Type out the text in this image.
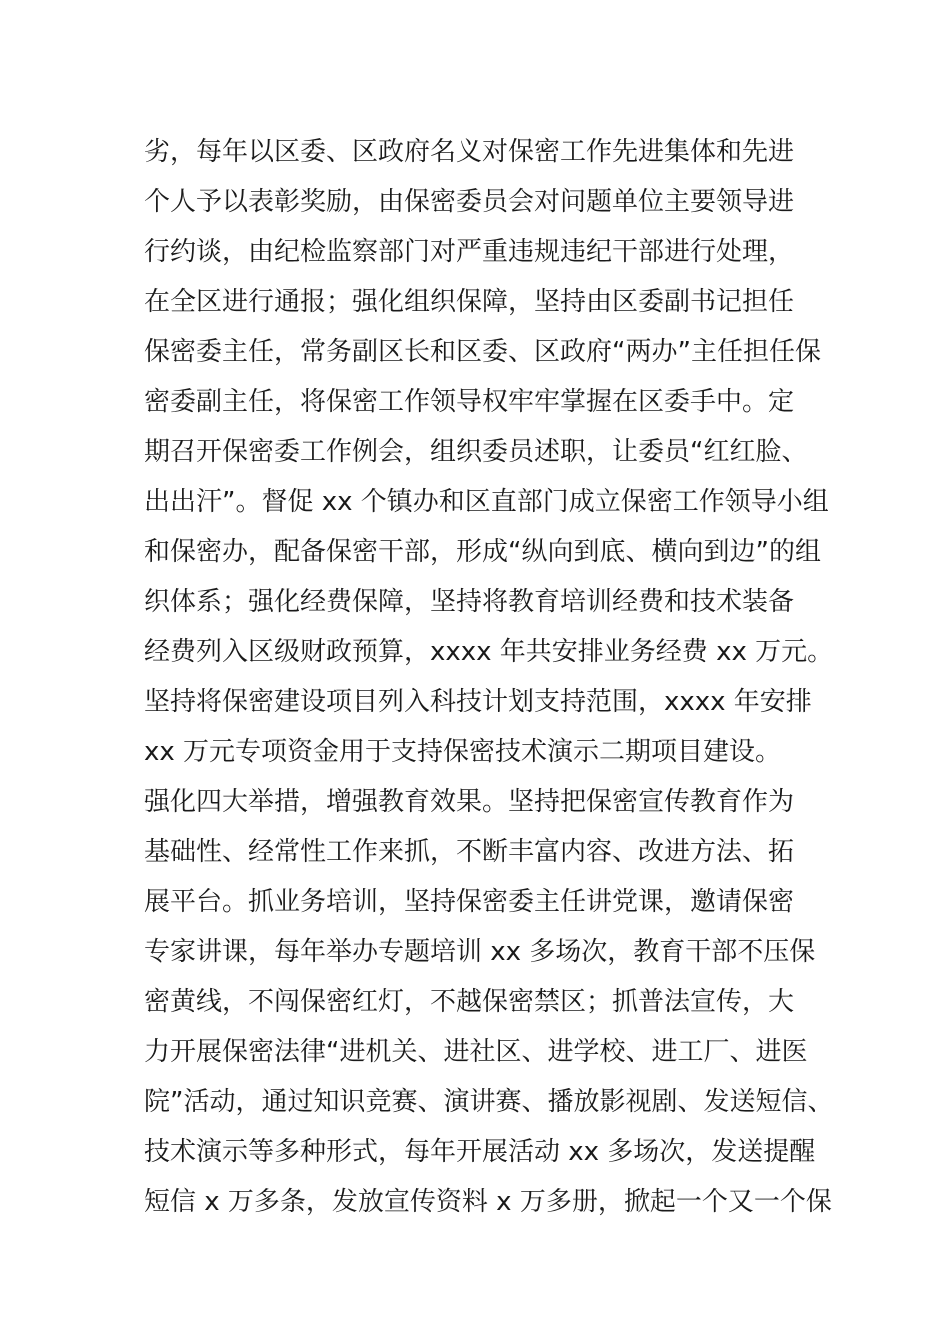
劣，每年以区委、区政府名义对保密工作先进集体和先进
个人予以表彰奖励，由保密委员会对问题单位主要领导进
行约谈，由纪检监察部门对严重违规违纪干部进行处理，
在全区进行通报；强化组织保障，坚持由区委副书记担任
保密委主任，常务副区长和区委、区政府“两办”主任担任保
密委副主任，将保密工作领导权牢牢掌握在区委手中。定
期召开保密委工作例会，组织委员述职，让委员“红红脸、
出出汗”。督促 xx 个镇办和区直部门成立保密工作领导小组
和保密办，配备保密干部，形成“纵向到底、横向到边”的组
织体系；强化经费保障，坚持将教育培训经费和技术装备
经费列入区级财政预算，xxxx 年共安排业务经费 xx 万元。
坚持将保密建设项目列入科技计划支持范围，xxxx 年安排
xx 万元专项资金用于支持保密技术演示二期项目建设。
强化四大举措，增强教育效果。坚持把保密宣传教育作为
基础性、经常性工作来抓，不断丰富内容、改进方法、拓
展平台。抓业务培训，坚持保密委主任讲党课，邀请保密
专家讲课，每年举办专题培训 xx 多场次，教育干部不压保
密黄线，不闯保密红灯，不越保密禁区；抓普法宣传，大
力开展保密法律“进机关、进社区、进学校、进工厂、进医
院”活动，通过知识竞赛、演讲赛、播放影视剧、发送短信、
技术演示等多种形式，每年开展活动 xx 多场次，发送提醒
短信 x 万多条，发放宣传资料 x 万多册，掀起一个又一个保
